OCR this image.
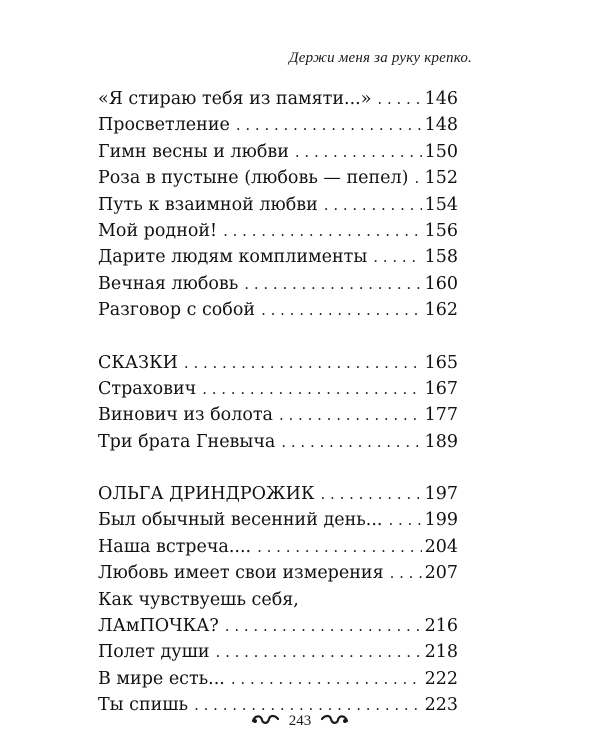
Держи меня за руку крепко.
«Я стираю тебя из памяти...» . . .	146
Просветление . . .	148
Гимн весны и любви . . .	150
Роза в пустыне (любовь — пепел) . . . 152
Путь к взаимной любви . . .	154
Мой родной! . . .	156
Дарите людям комплименты . . .	158
Вечная любовь . . .	160
Разговор с собой . . .	162
СКАЗКИ . . .	165
Страхович . . .	167
Винович из болота . . .	177
Три брата Гневыча . . .	189
ОЛЬГА ДРИНДРОЖИК . . .	197
Был обычный весенний день... . . . 199
Наша встреча.... . . .	204
Любовь имеет свои измерения . . . 207
Как чувствуешь себя,
ЛАмПОЧКА? . . .	216
Полет души . . .	218
В мире есть... . . .	222
Ты спишь . . .	223
243
